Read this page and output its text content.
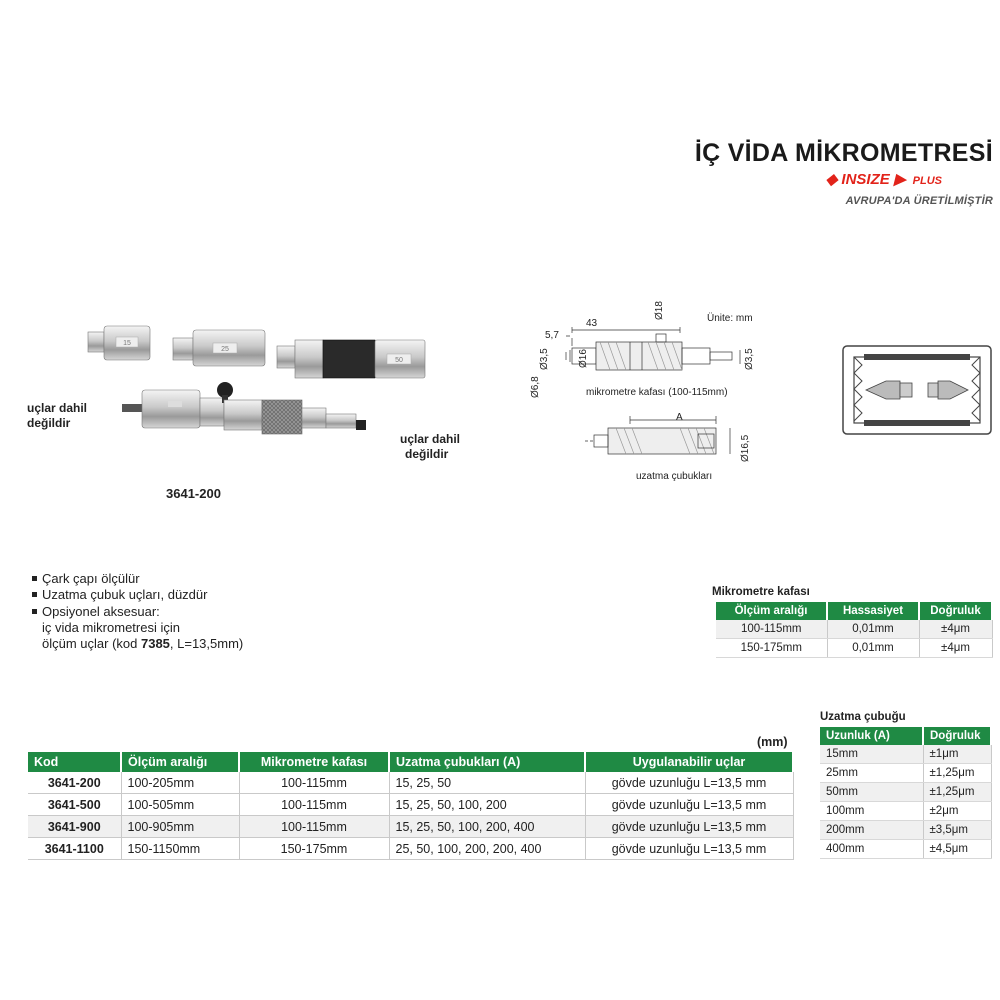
İÇ VİDA MİKROMETRESİ
◆ INSIZE ▶ PLUS
AVRUPA'DA ÜRETİLMİŞTİR
15
25
50
uçlar dahil
değildir
uçlar dahil
değildir
3641-200
Ünite: mm
43
5,7
Ø18
Ø3,5	Ø16
Ø6,8
Ø3,5
mikrometre kafası (100-115mm)
A
Ø16,5
uzatma çubukları
Çark çapı ölçülür
Uzatma çubuk uçları, düzdür
Opsiyonel aksesuar:
iç vida mikrometresi için
ölçüm uçlar (kod 7385, L=13,5mm)
Mikrometre kafası
Ölçüm aralığı	Hassasiyet	Doğruluk
100-115mm	0,01mm	±4μm
150-175mm	0,01mm	±4μm
Uzatma çubuğu
Uzunluk (A)	Doğruluk
15mm	±1μm
25mm	±1,25μm
50mm	±1,25μm
100mm	±2μm
200mm	±3,5μm
400mm	±4,5μm
(mm)
Kod	Ölçüm aralığı	Mikrometre kafası	Uzatma çubukları (A)	Uygulanabilir uçlar
3641-200	100-205mm	100-115mm	15, 25, 50	gövde uzunluğu L=13,5 mm
3641-500	100-505mm	100-115mm	15, 25, 50, 100, 200	gövde uzunluğu L=13,5 mm
3641-900	100-905mm	100-115mm	15, 25, 50, 100, 200, 400	gövde uzunluğu L=13,5 mm
3641-1100	150-1150mm	150-175mm	25, 50, 100, 200, 200, 400	gövde uzunluğu L=13,5 mm
